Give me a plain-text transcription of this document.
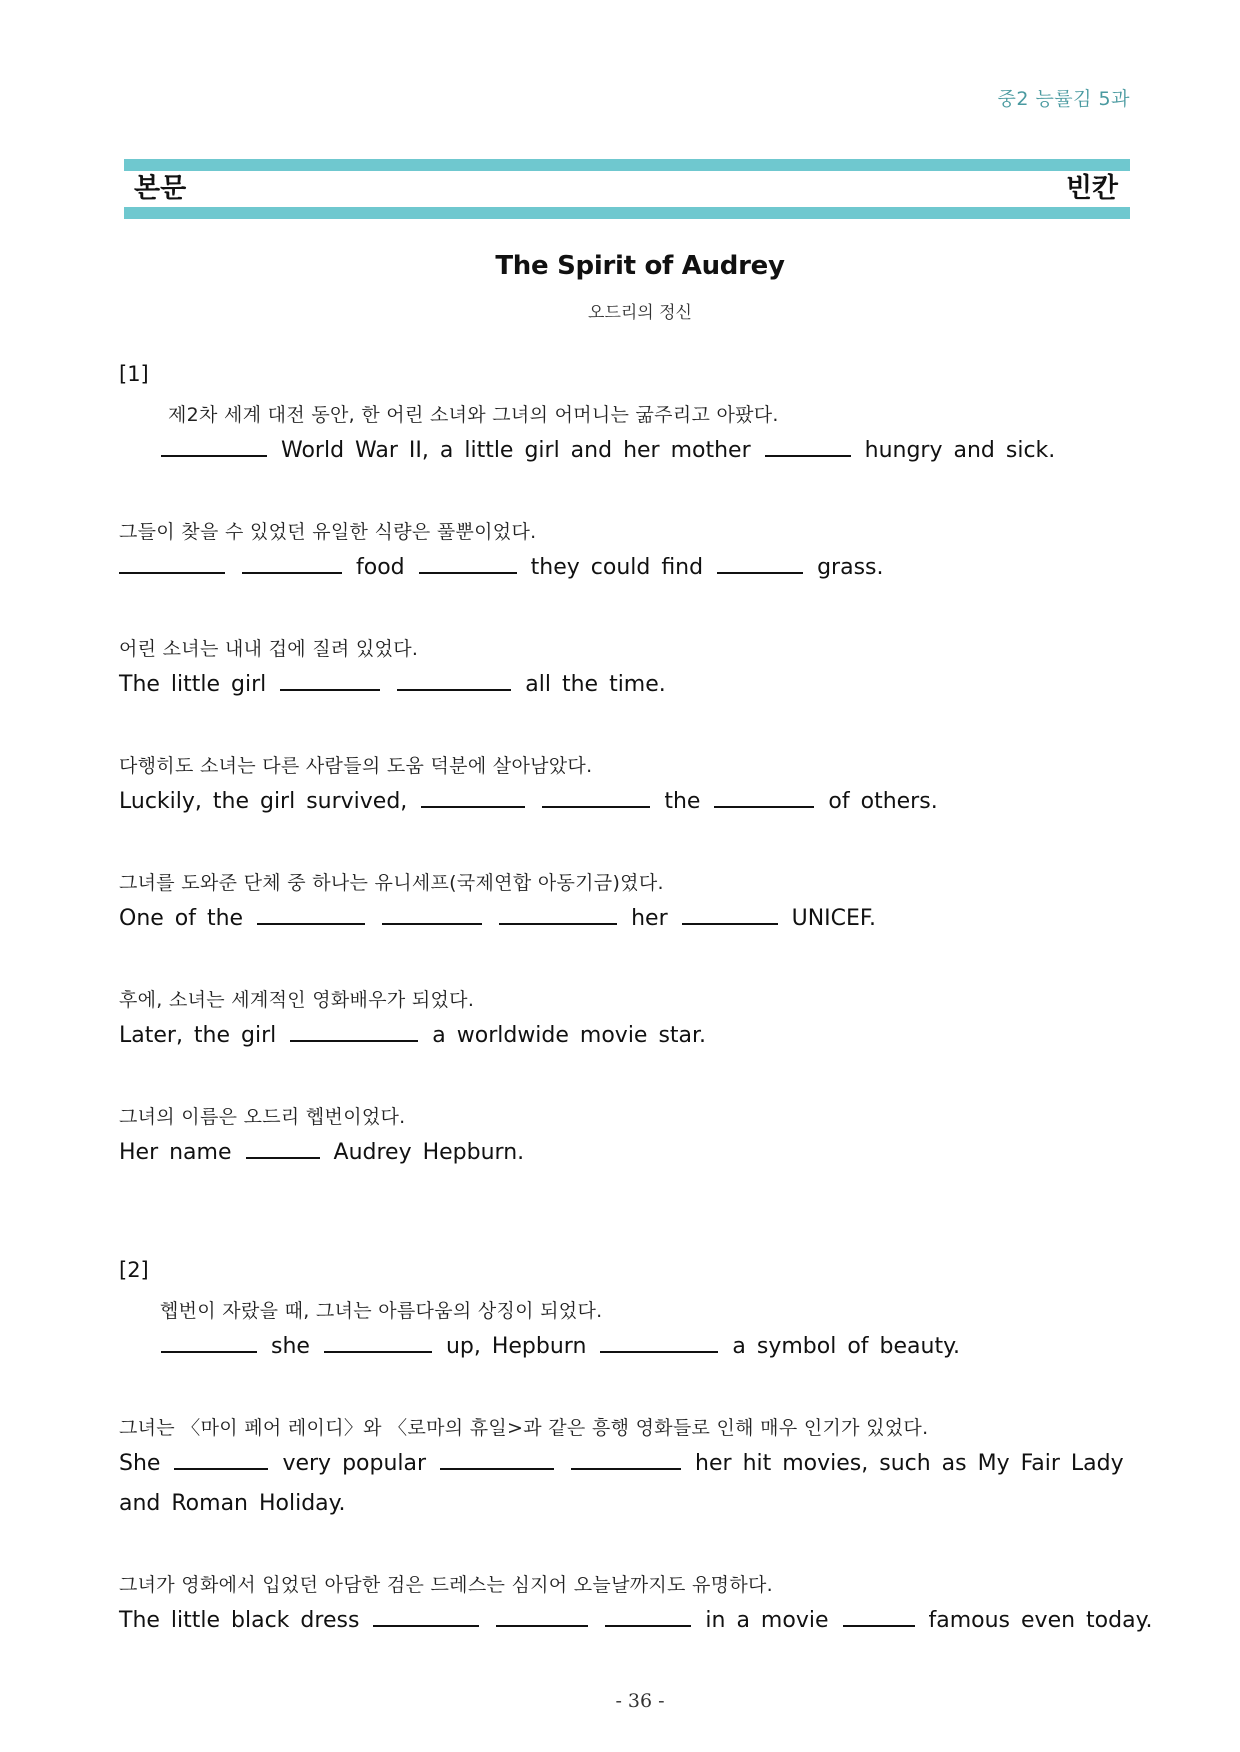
중2 능률김 5과
본문	빈칸
The Spirit of Audrey
오드리의 정신
[1]
제2차 세계 대전 동안, 한 어린 소녀와 그녀의 어머니는 굶주리고 아팠다.
World War II, a little girl and her mother	hungry and sick.
그들이 찾을 수 있었던 유일한 식량은 풀뿐이었다.
food	they could find	grass.
어린 소녀는 내내 겁에 질려 있었다.
The little girl	all the time.
다행히도 소녀는 다른 사람들의 도움 덕분에 살아남았다.
Luckily, the girl survived,	the	of others.
그녀를 도와준 단체 중 하나는 유니세프(국제연합 아동기금)였다.
One of the	her	UNICEF.
후에, 소녀는 세계적인 영화배우가 되었다.
Later, the girl	a worldwide movie star.
그녀의 이름은 오드리 헵번이었다.
Her name	Audrey Hepburn.
[2]
헵번이 자랐을 때, 그녀는 아름다움의 상징이 되었다.
she	up, Hepburn	a symbol of beauty.
그녀는 〈마이 페어 레이디〉와 〈로마의 휴일>과 같은 흥행 영화들로 인해 매우 인기가 있었다.
She	very popular	her hit movies, such as My Fair Lady
and Roman Holiday.
그녀가 영화에서 입었던 아담한 검은 드레스는 심지어 오늘날까지도 유명하다.
The little black dress	in a movie	famous even today.
- 36 -
